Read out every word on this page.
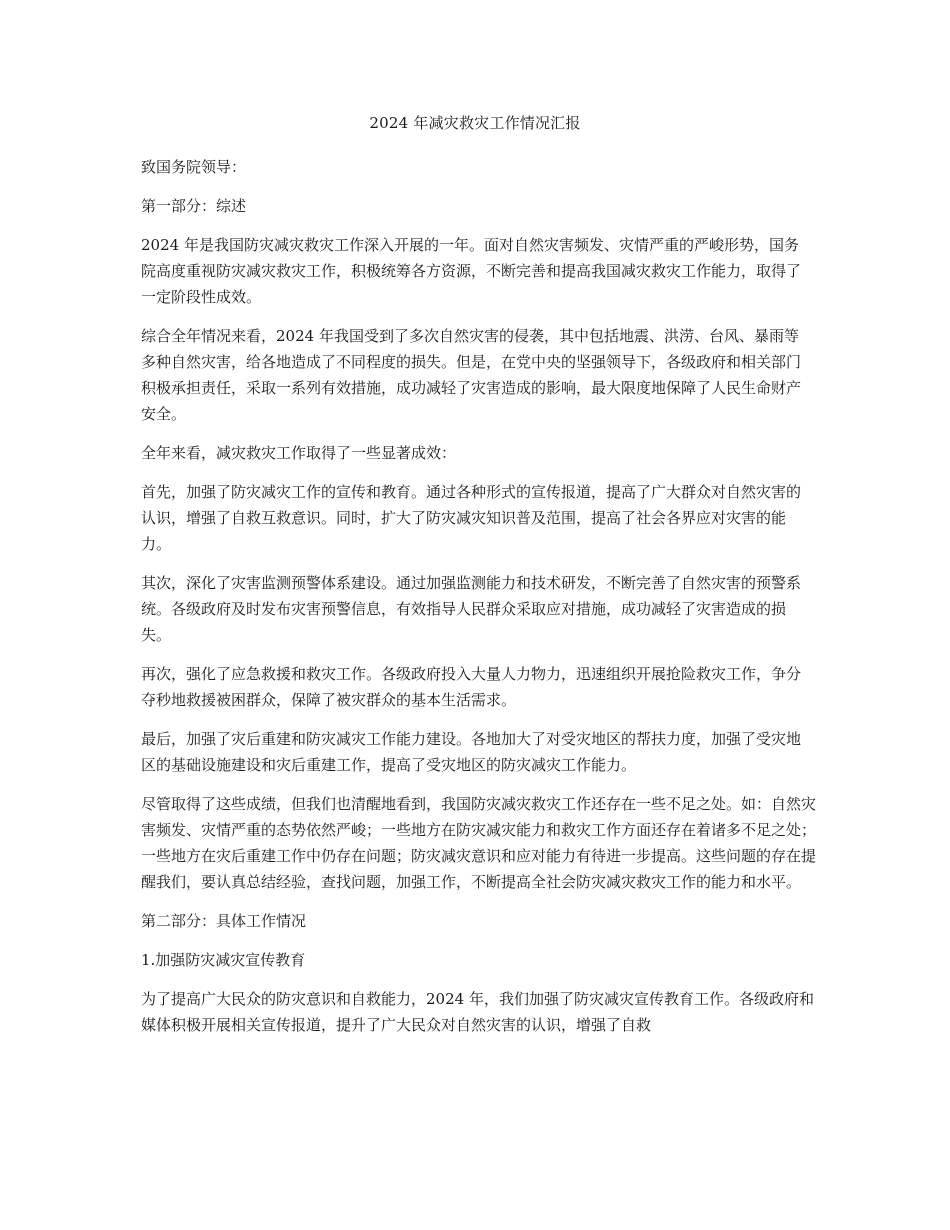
2024 年减灾救灾工作情况汇报

致国务院领导：

第一部分：综述

2024 年是我国防灾减灾救灾工作深入开展的一年。面对自然灾害频发、灾情严重的严峻形势，国务院高度重视防灾减灾救灾工作，积极统筹各方资源，不断完善和提高我国减灾救灾工作能力，取得了一定阶段性成效。

综合全年情况来看，2024 年我国受到了多次自然灾害的侵袭，其中包括地震、洪涝、台风、暴雨等多种自然灾害，给各地造成了不同程度的损失。但是，在党中央的坚强领导下，各级政府和相关部门积极承担责任，采取一系列有效措施，成功减轻了灾害造成的影响，最大限度地保障了人民生命财产安全。

全年来看，减灾救灾工作取得了一些显著成效：

首先，加强了防灾减灾工作的宣传和教育。通过各种形式的宣传报道，提高了广大群众对自然灾害的认识，增强了自救互救意识。同时，扩大了防灾减灾知识普及范围，提高了社会各界应对灾害的能力。

其次，深化了灾害监测预警体系建设。通过加强监测能力和技术研发，不断完善了自然灾害的预警系统。各级政府及时发布灾害预警信息，有效指导人民群众采取应对措施，成功减轻了灾害造成的损失。

再次，强化了应急救援和救灾工作。各级政府投入大量人力物力，迅速组织开展抢险救灾工作，争分夺秒地救援被困群众，保障了被灾群众的基本生活需求。

最后，加强了灾后重建和防灾减灾工作能力建设。各地加大了对受灾地区的帮扶力度，加强了受灾地区的基础设施建设和灾后重建工作，提高了受灾地区的防灾减灾工作能力。

尽管取得了这些成绩，但我们也清醒地看到，我国防灾减灾救灾工作还存在一些不足之处。如：自然灾害频发、灾情严重的态势依然严峻；一些地方在防灾减灾能力和救灾工作方面还存在着诸多不足之处；一些地方在灾后重建工作中仍存在问题；防灾减灾意识和应对能力有待进一步提高。这些问题的存在提醒我们，要认真总结经验，查找问题，加强工作，不断提高全社会防灾减灾救灾工作的能力和水平。

第二部分：具体工作情况

1.加强防灾减灾宣传教育

为了提高广大民众的防灾意识和自救能力，2024 年，我们加强了防灾减灾宣传教育工作。各级政府和媒体积极开展相关宣传报道，提升了广大民众对自然灾害的认识，增强了自救
